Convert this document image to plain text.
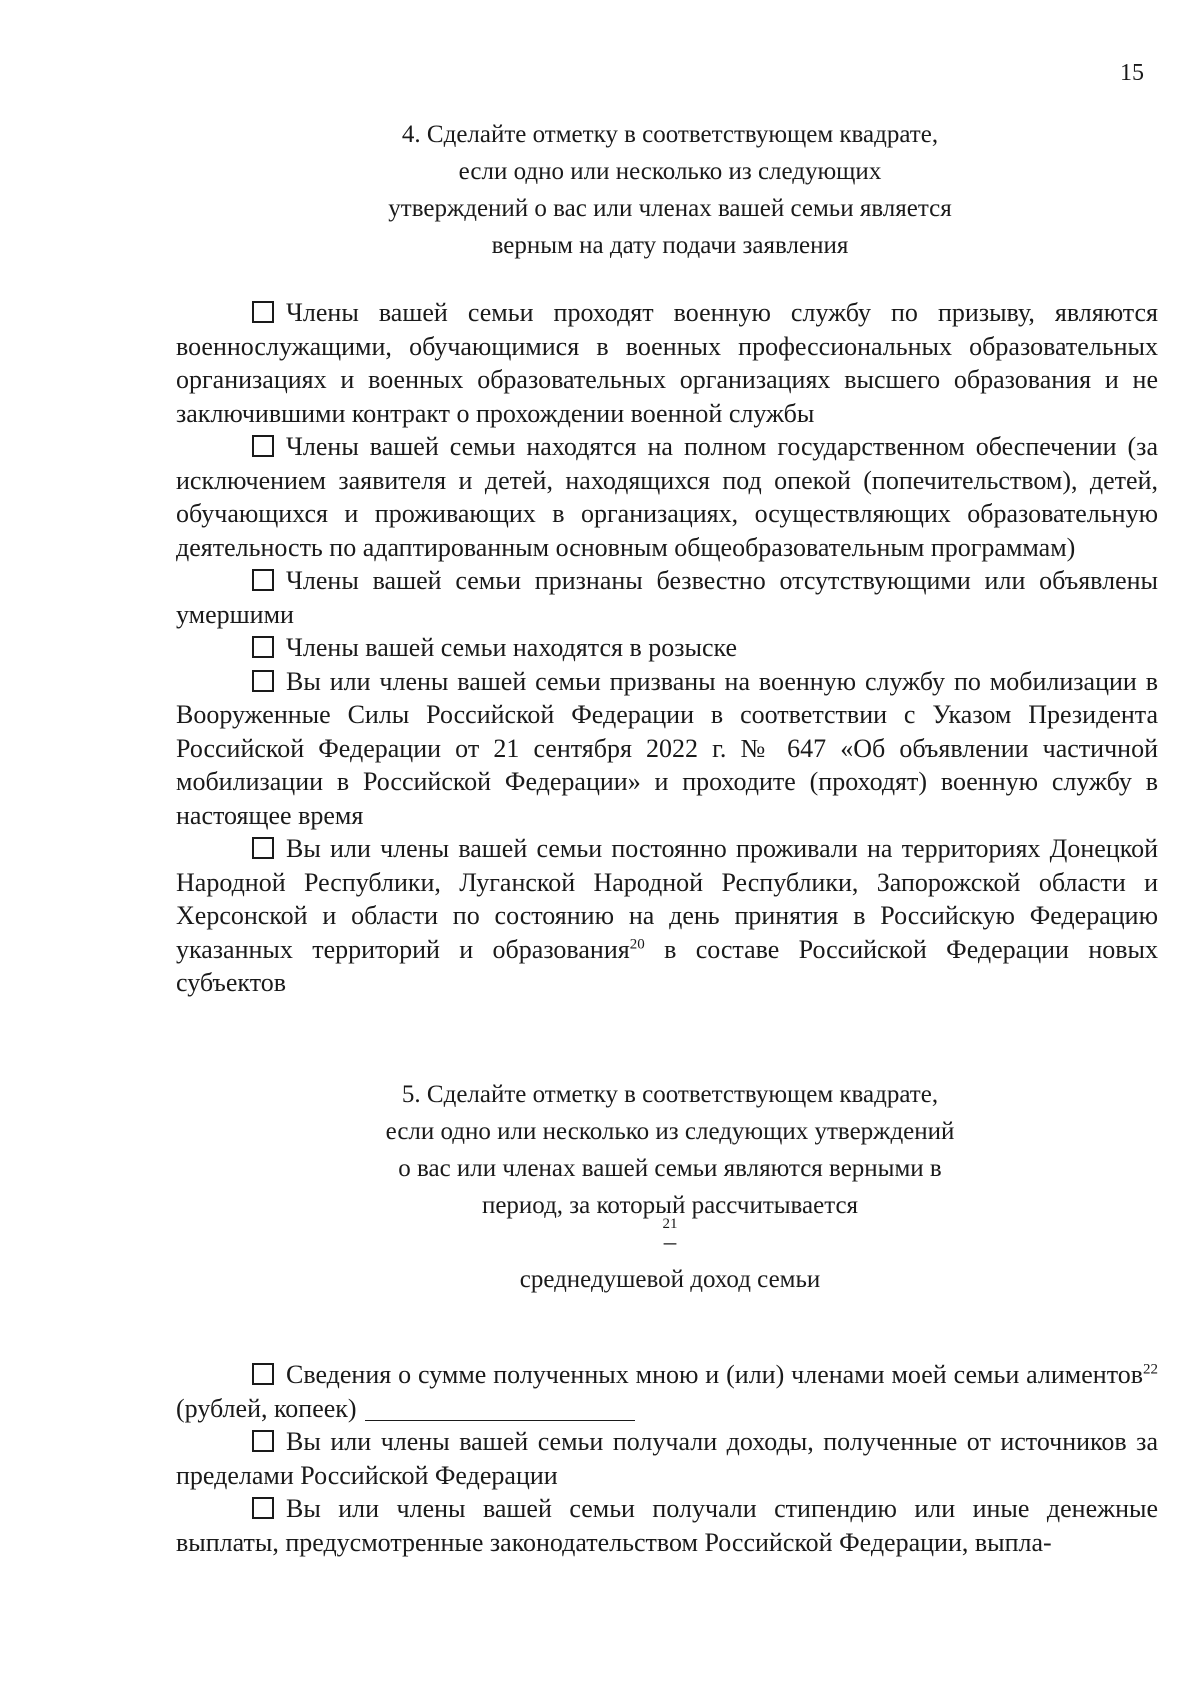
15
4. Сделайте отметку в соответствующем квадрате,
если одно или несколько из следующих
утверждений о вас или членах вашей семьи является
верным на дату подачи заявления

Члены вашей семьи проходят военную службу по призыву, являются военнослужащими, обучающимися в военных профессиональных образовательных организациях и военных образовательных организациях высшего образования и не заключившими контракт о прохождении военной службы

Члены вашей семьи находятся на полном государственном обеспечении (за исключением заявителя и детей, находящихся под опекой (попечительством), детей, обучающихся и проживающих в организациях, осуществляющих образовательную деятельность по адаптированным основным общеобразовательным программам)

Члены вашей семьи признаны безвестно отсутствующими или объявлены умершими

Члены вашей семьи находятся в розыске

Вы или члены вашей семьи призваны на военную службу по мобилизации в Вооруженные Силы Российской Федерации в соответствии с Указом Президента Российской Федерации от 21 сентября 2022 г. № 647 «Об объявлении частичной мобилизации в Российской Федерации» и проходите (проходят) военную службу в настоящее время

Вы или члены вашей семьи постоянно проживали на территориях Донецкой Народной Республики, Луганской Народной Республики, Запорожской области и Херсонской и области по состоянию на день принятия в Российскую Федерацию указанных территорий и образования$^{20}$ в составе Российской Федерации новых субъектов

5. Сделайте отметку в соответствующем квадрате,
если одно или несколько из следующих утверждений
о вас или членах вашей семьи являются верными в
период, за который рассчитывается
21
–
среднедушевой доход семьи

Сведения о сумме полученных мною и (или) членами моей семьи алиментов$^{22}$ (рублей, копеек)

Вы или члены вашей семьи получали доходы, полученные от источников за пределами Российской Федерации

Вы или члены вашей семьи получали стипендию или иные денежные выплаты, предусмотренные законодательством Российской Федерации, выпла-
